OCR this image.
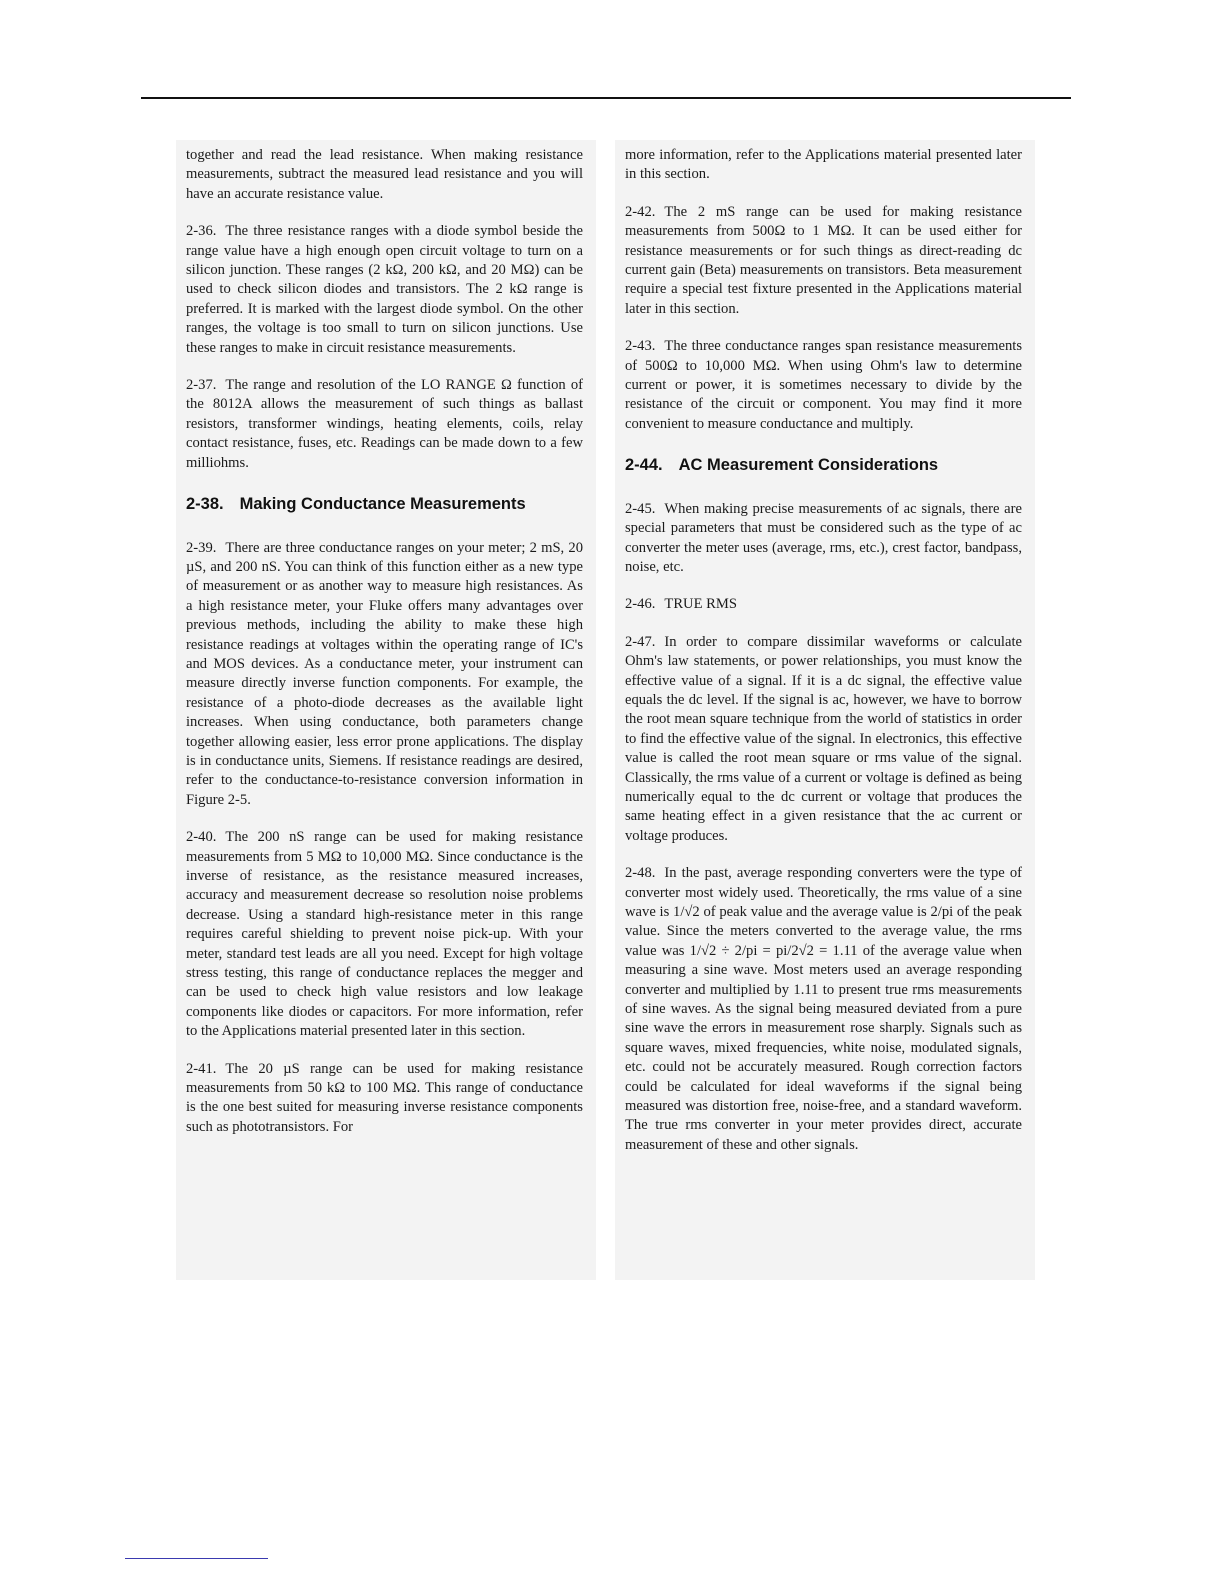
together and read the lead resistance. When making resistance measurements, subtract the measured lead resistance and you will have an accurate resistance value.

2-36. The three resistance ranges with a diode symbol beside the range value have a high enough open circuit voltage to turn on a silicon junction. These ranges (2 kΩ, 200 kΩ, and 20 MΩ) can be used to check silicon diodes and transistors. The 2 kΩ range is preferred. It is marked with the largest diode symbol. On the other ranges, the voltage is too small to turn on silicon junctions. Use these ranges to make in circuit resistance measurements.

2-37. The range and resolution of the LO RANGE Ω function of the 8012A allows the measurement of such things as ballast resistors, transformer windings, heating elements, coils, relay contact resistance, fuses, etc. Readings can be made down to a few milliohms.

2-38. Making Conductance Measurements

2-39. There are three conductance ranges on your meter; 2 mS, 20 µS, and 200 nS. You can think of this function either as a new type of measurement or as another way to measure high resistances. As a high resistance meter, your Fluke offers many advantages over previous methods, including the ability to make these high resistance readings at voltages within the operating range of IC's and MOS devices. As a conductance meter, your instrument can measure directly inverse function components. For example, the resistance of a photo-diode decreases as the available light increases. When using conductance, both parameters change together allowing easier, less error prone applications. The display is in conductance units, Siemens. If resistance readings are desired, refer to the conductance-to-resistance conversion information in Figure 2-5.

2-40. The 200 nS range can be used for making resistance measurements from 5 MΩ to 10,000 MΩ. Since conductance is the inverse of resistance, as the resistance measured increases, accuracy and measurement decrease so resolution noise problems decrease. Using a standard high-resistance meter in this range requires careful shielding to prevent noise pick-up. With your meter, standard test leads are all you need. Except for high voltage stress testing, this range of conductance replaces the megger and can be used to check high value resistors and low leakage components like diodes or capacitors. For more information, refer to the Applications material presented later in this section.

2-41. The 20 µS range can be used for making resistance measurements from 50 kΩ to 100 MΩ. This range of conductance is the one best suited for measuring inverse resistance components such as phototransistors. For

more information, refer to the Applications material presented later in this section.

2-42. The 2 mS range can be used for making resistance measurements from 500Ω to 1 MΩ. It can be used either for resistance measurements or for such things as direct-reading dc current gain (Beta) measurements on transistors. Beta measurement require a special test fixture presented in the Applications material later in this section.

2-43. The three conductance ranges span resistance measurements of 500Ω to 10,000 MΩ. When using Ohm's law to determine current or power, it is sometimes necessary to divide by the resistance of the circuit or component. You may find it more convenient to measure conductance and multiply.

2-44. AC Measurement Considerations

2-45. When making precise measurements of ac signals, there are special parameters that must be considered such as the type of ac converter the meter uses (average, rms, etc.), crest factor, bandpass, noise, etc.

2-46. TRUE RMS

2-47. In order to compare dissimilar waveforms or calculate Ohm's law statements, or power relationships, you must know the effective value of a signal. If it is a dc signal, the effective value equals the dc level. If the signal is ac, however, we have to borrow the root mean square technique from the world of statistics in order to find the effective value of the signal. In electronics, this effective value is called the root mean square or rms value of the signal. Classically, the rms value of a current or voltage is defined as being numerically equal to the dc current or voltage that produces the same heating effect in a given resistance that the ac current or voltage produces.

2-48. In the past, average responding converters were the type of converter most widely used. Theoretically, the rms value of a sine wave is 1/√2 of peak value and the average value is 2/pi of the peak value. Since the meters converted to the average value, the rms value was 1/√2 ÷ 2/pi = pi/2√2 = 1.11 of the average value when measuring a sine wave. Most meters used an average responding converter and multiplied by 1.11 to present true rms measurements of sine waves. As the signal being measured deviated from a pure sine wave the errors in measurement rose sharply. Signals such as square waves, mixed frequencies, white noise, modulated signals, etc. could not be accurately measured. Rough correction factors could be calculated for ideal waveforms if the signal being measured was distortion free, noise-free, and a standard waveform. The true rms converter in your meter provides direct, accurate measurement of these and other signals.
